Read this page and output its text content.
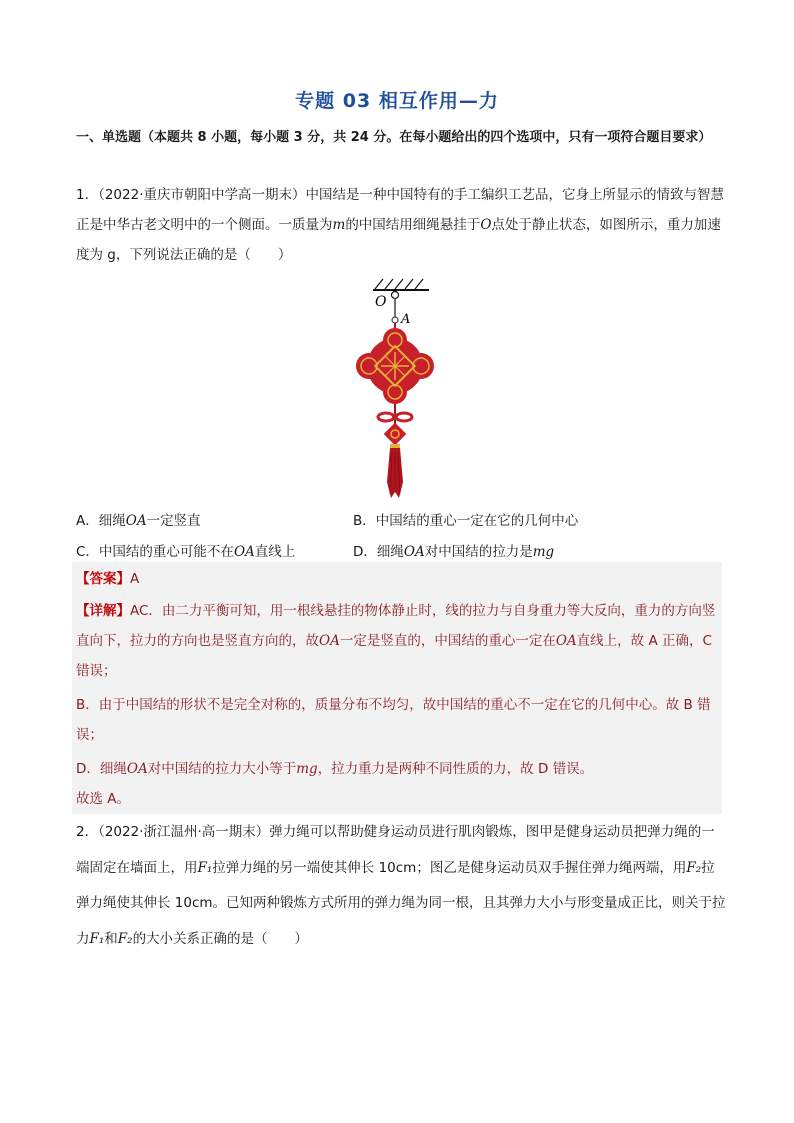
专题 03 相互作用—力
一、单选题（本题共 8 小题，每小题 3 分，共 24 分。在每小题给出的四个选项中，只有一项符合题目要求）
1．（2022·重庆市朝阳中学高一期末）中国结是一种中国特有的手工编织工艺品，它身上所显示的情致与智慧正是中华古老文明中的一个侧面。一质量为m的中国结用细绳悬挂于O点处于静止状态，如图所示，重力加速度为 g，下列说法正确的是（　　）
O
A
A．细绳OA一定竖直	B．中国结的重心一定在它的几何中心
C．中国结的重心可能不在OA直线上	D．细绳OA对中国结的拉力是mg
【答案】A
【详解】AC．由二力平衡可知，用一根线悬挂的物体静止时，线的拉力与自身重力等大反向，重力的方向竖直向下，拉力的方向也是竖直方向的，故OA一定是竖直的，中国结的重心一定在OA直线上，故 A 正确，C 错误；
B．由于中国结的形状不是完全对称的，质量分布不均匀，故中国结的重心不一定在它的几何中心。故 B 错误；
D．细绳OA对中国结的拉力大小等于mg，拉力重力是两种不同性质的力，故 D 错误。
故选 A。
2．（2022·浙江温州·高一期末）弹力绳可以帮助健身运动员进行肌肉锻炼，图甲是健身运动员把弹力绳的一端固定在墙面上，用F₁拉弹力绳的另一端使其伸长 10cm；图乙是健身运动员双手握住弹力绳两端，用F₂拉弹力绳使其伸长 10cm。已知两种锻炼方式所用的弹力绳为同一根，且其弹力大小与形变量成正比，则关于拉力F₁和F₂的大小关系正确的是（　　）
